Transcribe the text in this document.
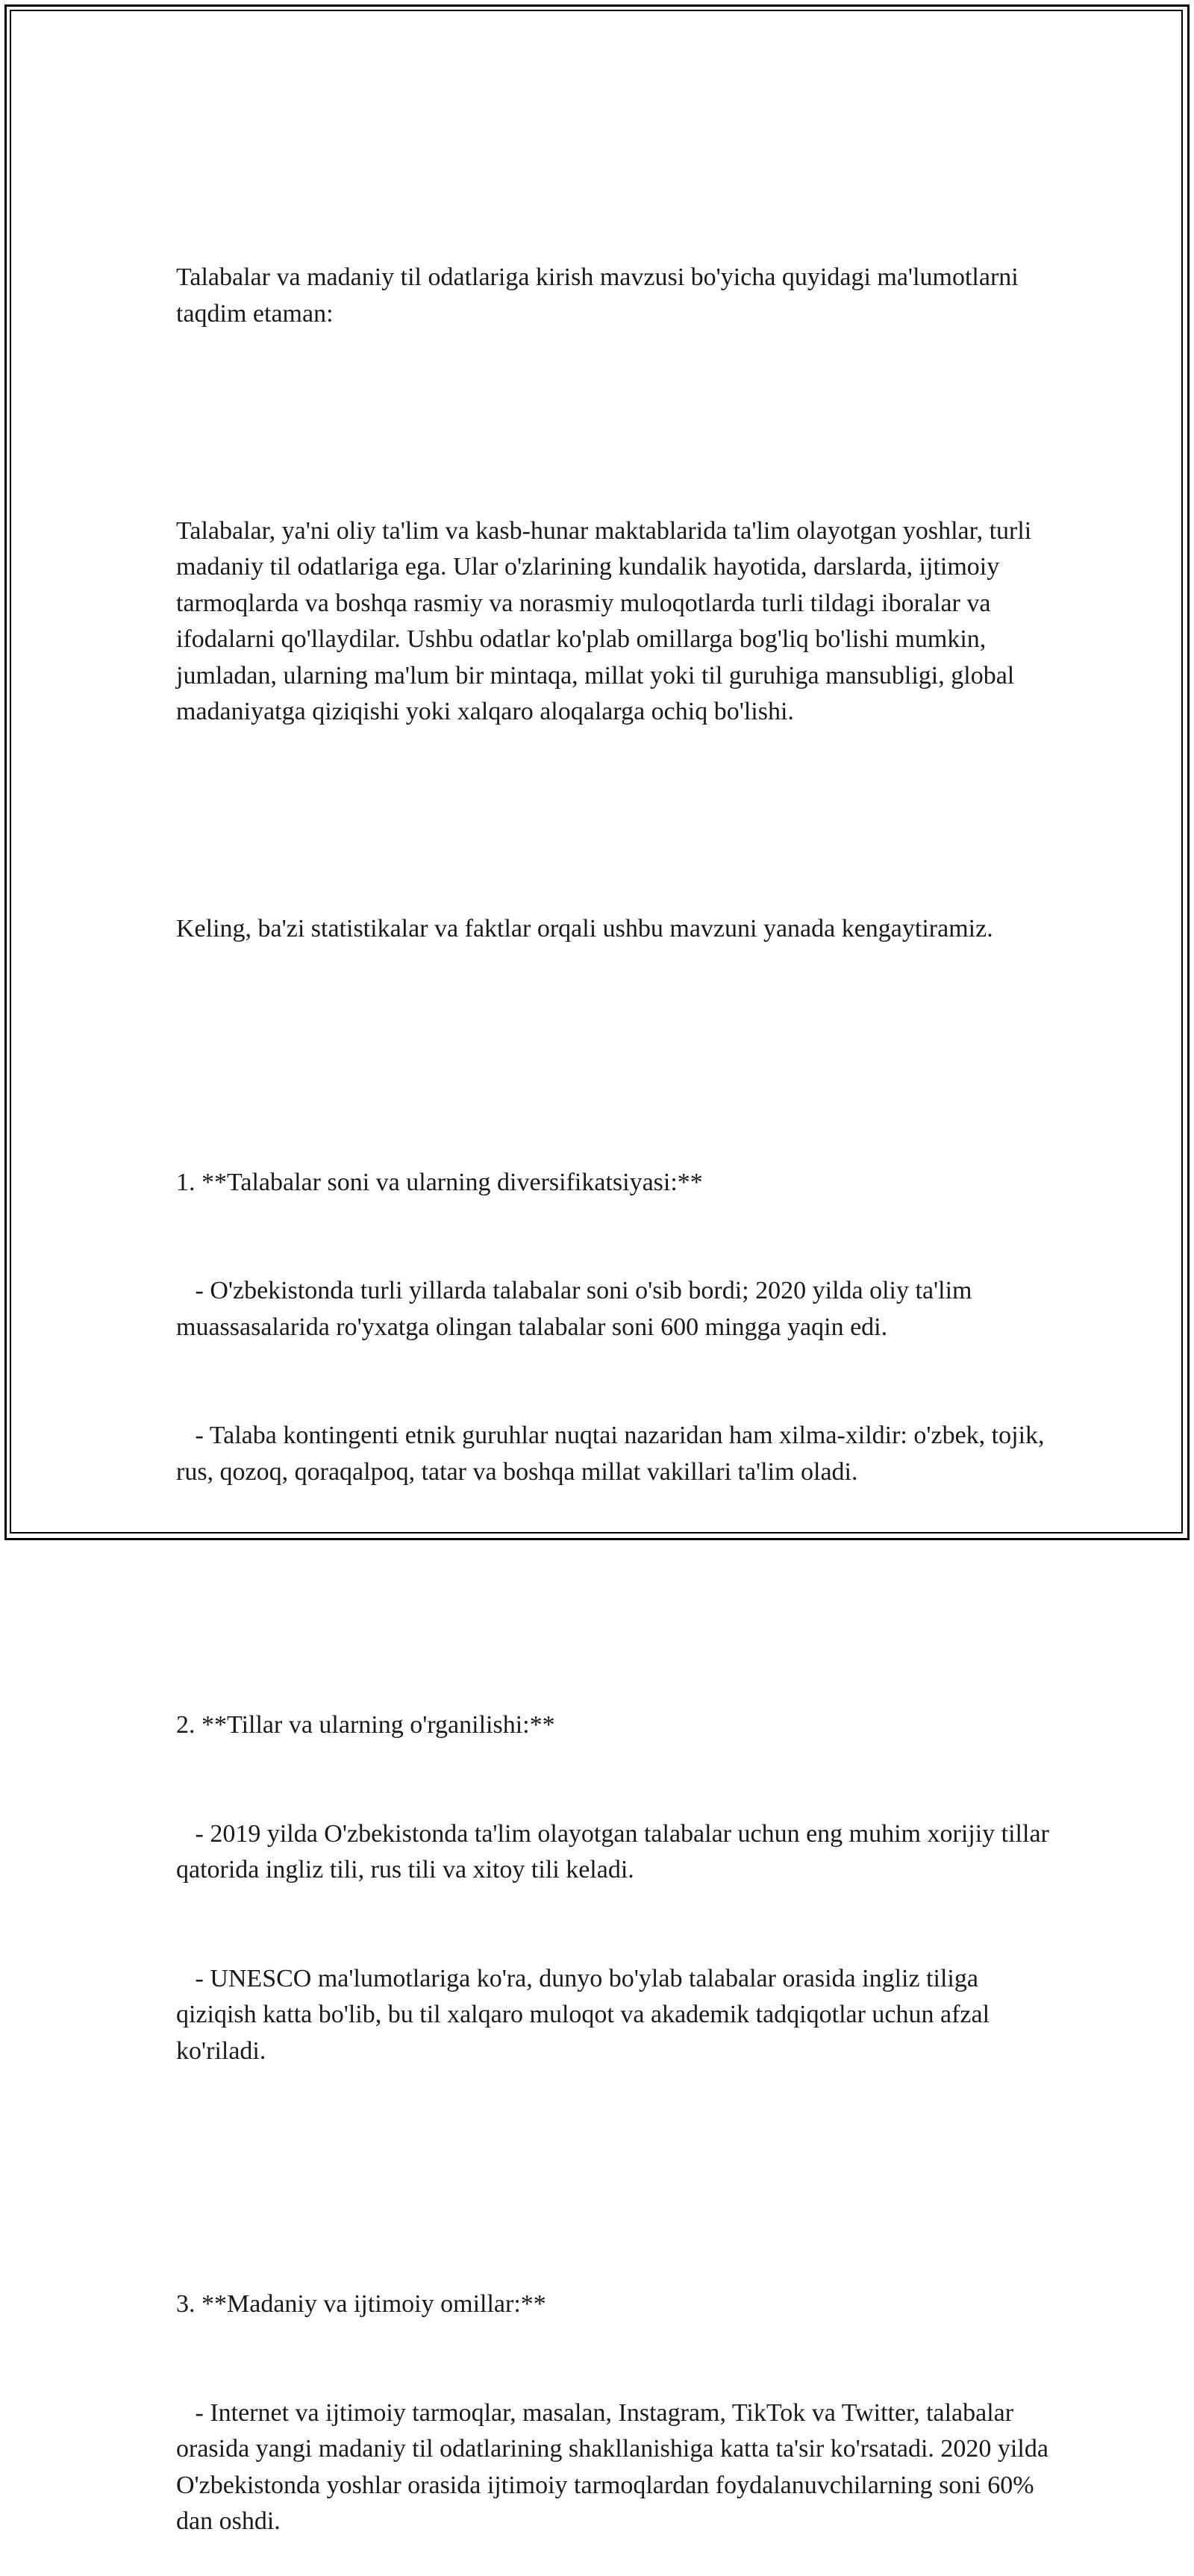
Talabalar va madaniy til odatlariga kirish mavzusi bo'yicha quyidagi ma'lumotlarni taqdim etaman:

Talabalar, ya'ni oliy ta'lim va kasb-hunar maktablarida ta'lim olayotgan yoshlar, turli madaniy til odatlariga ega. Ular o'zlarining kundalik hayotida, darslarda, ijtimoiy tarmoqlarda va boshqa rasmiy va norasmiy muloqotlarda turli tildagi iboralar va ifodalarni qo'llaydilar. Ushbu odatlar ko'plab omillarga bog'liq bo'lishi mumkin, jumladan, ularning ma'lum bir mintaqa, millat yoki til guruhiga mansubligi, global madaniyatga qiziqishi yoki xalqaro aloqalarga ochiq bo'lishi.

Keling, ba'zi statistikalar va faktlar orqali ushbu mavzuni yanada kengaytiramiz.

1. **Talabalar soni va ularning diversifikatsiyasi:**

- O'zbekistonda turli yillarda talabalar soni o'sib bordi; 2020 yilda oliy ta'lim muassasalarida ro'yxatga olingan talabalar soni 600 mingga yaqin edi.

- Talaba kontingenti etnik guruhlar nuqtai nazaridan ham xilma-xildir: o'zbek, tojik, rus, qozoq, qoraqalpoq, tatar va boshqa millat vakillari ta'lim oladi.

2. **Tillar va ularning o'rganilishi:**

- 2019 yilda O'zbekistonda ta'lim olayotgan talabalar uchun eng muhim xorijiy tillar qatorida ingliz tili, rus tili va xitoy tili keladi.

- UNESCO ma'lumotlariga ko'ra, dunyo bo'ylab talabalar orasida ingliz tiliga qiziqish katta bo'lib, bu til xalqaro muloqot va akademik tadqiqotlar uchun afzal ko'riladi.

3. **Madaniy va ijtimoiy omillar:**

- Internet va ijtimoiy tarmoqlar, masalan, Instagram, TikTok va Twitter, talabalar orasida yangi madaniy til odatlarining shakllanishiga katta ta'sir ko'rsatadi. 2020 yilda O'zbekistonda yoshlar orasida ijtimoiy tarmoqlardan foydalanuvchilarning soni 60% dan oshdi.
